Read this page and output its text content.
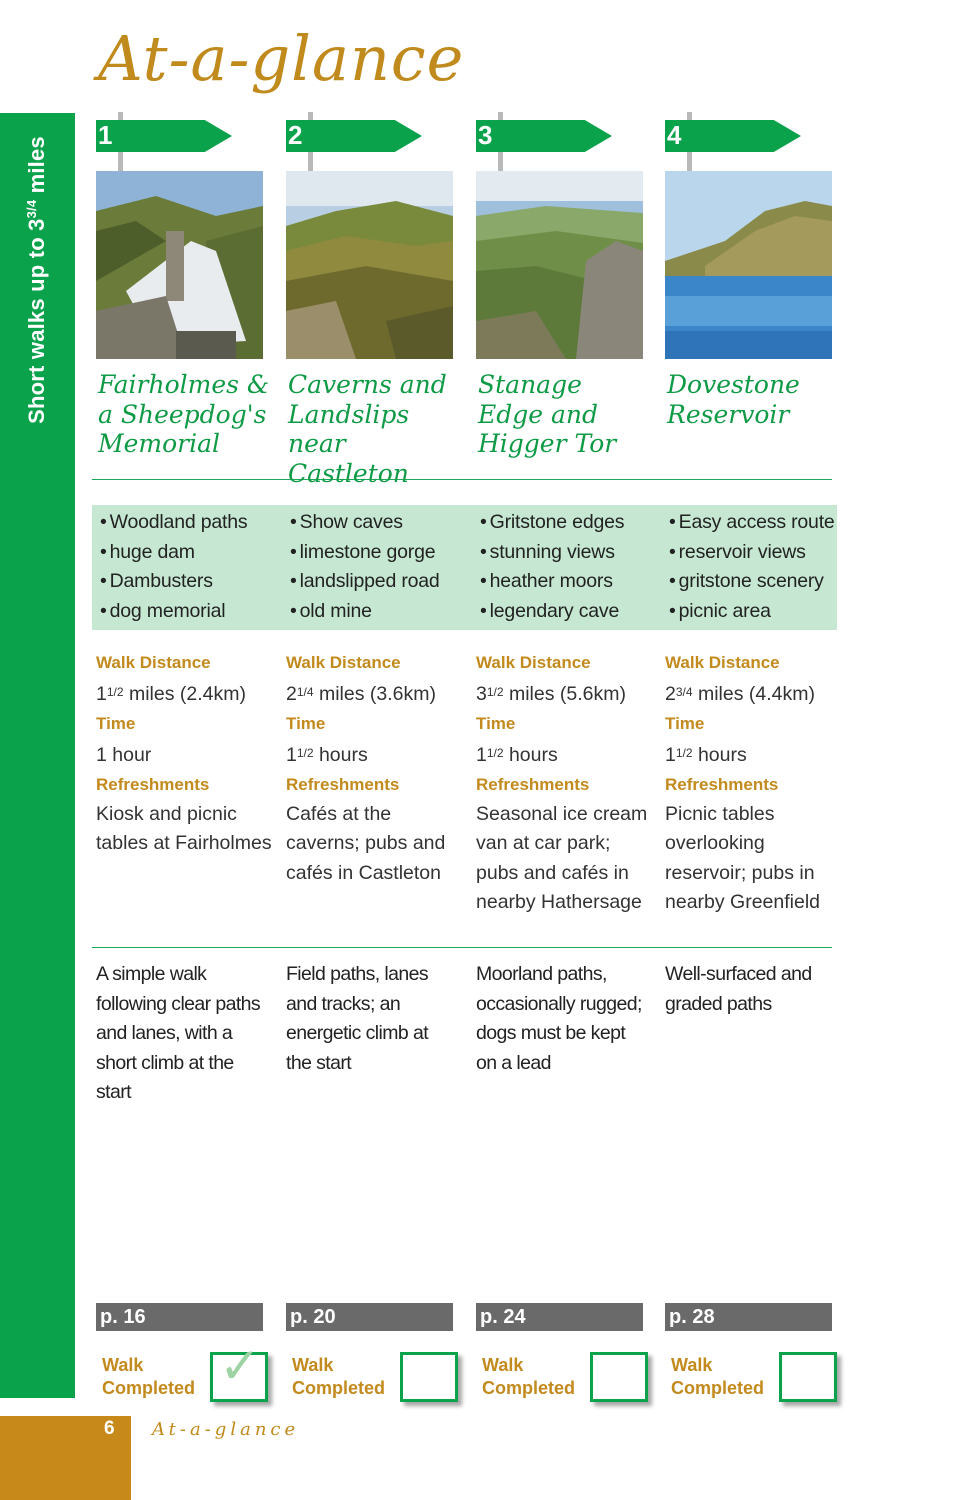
Short walks up to $3^{3/4}$ miles
At-a-glance
1
Fairholmes & a Sheepdog's Memorial
• Woodland paths
• huge dam
• Dambusters
• dog memorial
Walk Distance
$1^{1/2}$ miles (2.4km)
Time
1 hour
Refreshments
Kiosk and picnic tables at Fairholmes
A simple walk following clear paths and lanes, with a short climb at the start
p. 16
Walk
Completed ✓
2
Caverns and Landslips near Castleton
• Show caves
• limestone gorge
• landslipped road
• old mine
Walk Distance
$2^{1/4}$ miles (3.6km)
Time
$1^{1/2}$ hours
Refreshments
Cafés at the caverns; pubs and cafés in Castleton
Field paths, lanes and tracks; an energetic climb at the start
p. 20
Walk
Completed
3
Stanage Edge and Higger Tor
• Gritstone edges
• stunning views
• heather moors
• legendary cave
Walk Distance
$3^{1/2}$ miles (5.6km)
Time
$1^{1/2}$ hours
Refreshments
Seasonal ice cream van at car park; pubs and cafés in nearby Hathersage
Moorland paths, occasionally rugged; dogs must be kept on a lead
p. 24
Walk
Completed
4
Dovestone Reservoir
• Easy access route
• reservoir views
• gritstone scenery
• picnic area
Walk Distance
$2^{3/4}$ miles (4.4km)
Time
$1^{1/2}$ hours
Refreshments
Picnic tables overlooking reservoir; pubs in nearby Greenfield
Well-surfaced and graded paths
p. 28
Walk
Completed
6 At-a-glance
